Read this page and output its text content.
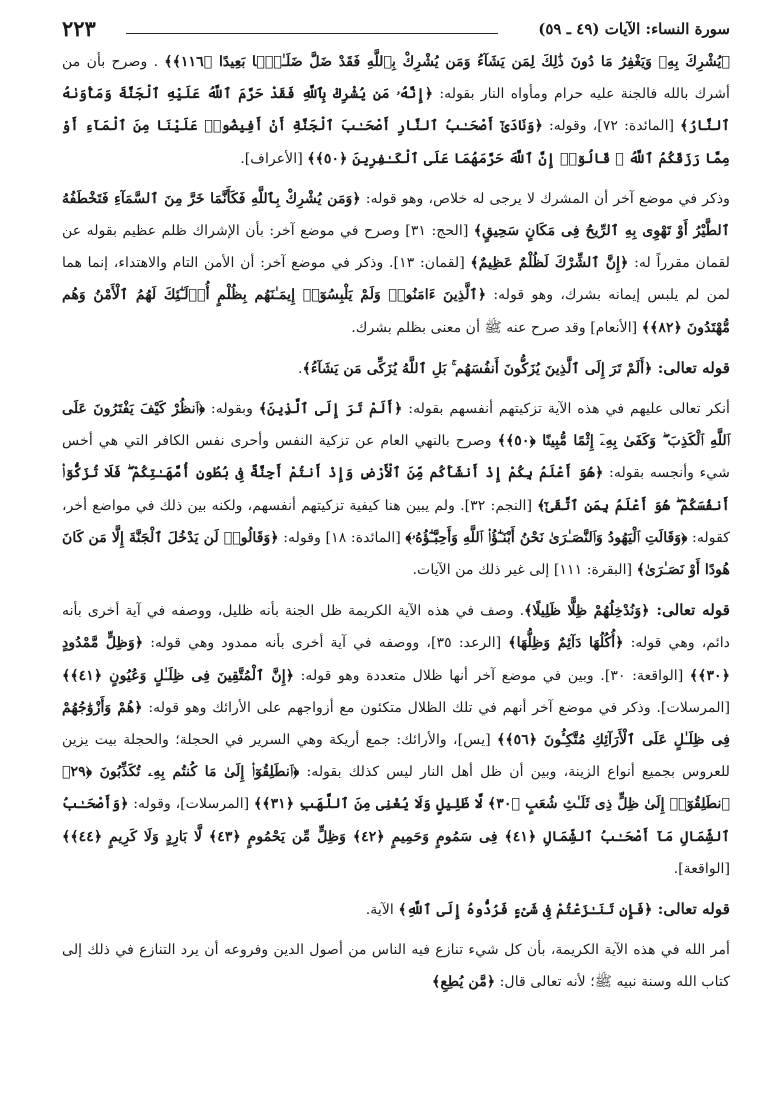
سورة النساء: الآيات (٤٩ ـ ٥٩)
٢٢٣

﴿يُشْرِكَ بِهِۦ وَيَغْفِرُ مَا دُونَ ذَٰلِكَ لِمَن يَشَآءُ وَمَن يُشْرِكْ بِٱللَّهِ فَقَدْ ضَلَّ ضَلَـٰلًۢا بَعِيدًا ﴿١١٦﴾﴾ . وصرح بأن من أشرك بالله فالجنة عليه حرام ومأواه النار بقوله: ﴿إِنَّهُۥ مَن يُشْرِكْ بِٱللَّهِ فَقَدْ حَرَّمَ ٱللَّهُ عَلَيْهِ ٱلْجَنَّةَ وَمَأْوَىٰهُ ٱلنَّارُ﴾ [المائدة: ٧٢]، وقوله: ﴿وَنَادَىٰٓ أَصْحَـٰبُ ٱلنَّارِ أَصْحَـٰبَ ٱلْجَنَّةِ أَنْ أَفِيضُوا۟ عَلَيْنَا مِنَ ٱلْمَآءِ أَوْ مِمَّا رَزَقَكُمُ ٱللَّهُ ۚ قَالُوٓا۟ إِنَّ ٱللَّهَ حَرَّمَهُمَا عَلَى ٱلْكَـٰفِرِينَ ﴿٥٠﴾﴾ [الأعراف].

وذكر في موضع آخر أن المشرك لا يرجى له خلاص، وهو قوله: ﴿وَمَن يُشْرِكْ بِٱللَّهِ فَكَأَنَّمَا خَرَّ مِنَ ٱلسَّمَآءِ فَتَخْطَفُهُ ٱلطَّيْرُ أَوْ تَهْوِى بِهِ ٱلرِّيحُ فِى مَكَانٍ سَحِيقٍ﴾ [الحج: ٣١] وصرح في موضع آخر: بأن الإشراك ظلم عظيم بقوله عن لقمان مقرراً له: ﴿إِنَّ ٱلشِّرْكَ لَظُلْمٌ عَظِيمٌ﴾ [لقمان: ١٣]. وذكر في موضع آخر: أن الأمن التام والاهتداء، إنما هما لمن لم يلبس إيمانه بشرك، وهو قوله: ﴿ٱلَّذِينَ ءَامَنُوا۟ وَلَمْ يَلْبِسُوٓا۟ إِيمَـٰنَهُم بِظُلْمٍ أُو۟لَـٰٓئِكَ لَهُمُ ٱلْأَمْنُ وَهُم مُّهْتَدُونَ ﴿٨٢﴾﴾ [الأنعام] وقد صرح عنه ﷺ أن معنى بظلم بشرك.

قوله تعالى: ﴿أَلَمْ تَرَ إِلَى ٱلَّذِينَ يُزَكُّونَ أَنفُسَهُم ۚ بَلِ ٱللَّهُ يُزَكِّى مَن يَشَآءُ﴾.

أنكر تعالى عليهم في هذه الآية تزكيتهم أنفسهم بقوله: ﴿أَلَمْ تَرَ إِلَى ٱلَّذِينَ﴾ وبقوله: ﴿ٱنظُرْ كَيْفَ يَفْتَرُونَ عَلَى ٱللَّهِ ٱلْكَذِبَ ۖ وَكَفَىٰ بِهِۦٓ إِثْمًا مُّبِينًا ﴿٥٠﴾﴾ وصرح بالنهي العام عن تزكية النفس وأحرى نفس الكافر التي هي أخس شيء وأنجسه بقوله: ﴿هُوَ أَعْلَمُ بِكُمْ إِذْ أَنشَأَكُم مِّنَ ٱلْأَرْضِ وَإِذْ أَنتُمْ أَجِنَّةٌ فِى بُطُونِ أُمَّهَـٰتِكُمْ ۖ فَلَا تُزَكُّوٓا۟ أَنفُسَكُمْ ۖ هُوَ أَعْلَمُ بِمَنِ ٱتَّقَىٰٓ﴾ [النجم: ٣٢]. ولم يبين هنا كيفية تزكيتهم أنفسهم، ولكنه بين ذلك في مواضع أخر، كقوله: ﴿وَقَالَتِ ٱلْيَهُودُ وَٱلنَّصَـٰرَىٰ نَحْنُ أَبْنَـٰٓؤُا۟ ٱللَّهِ وَأَحِبَّـٰٓؤُهُۥ﴾ [المائدة: ١٨] وقوله: ﴿وَقَالُوا۟ لَن يَدْخُلَ ٱلْجَنَّةَ إِلَّا مَن كَانَ هُودًا أَوْ نَصَـٰرَىٰ﴾ [البقرة: ١١١] إلى غير ذلك من الآيات.

قوله تعالى: ﴿وَنُدْخِلُهُمْ ظِلًّا ظَلِيلًا﴾. وصف في هذه الآية الكريمة ظل الجنة بأنه ظليل، ووصفه في آية أخرى بأنه دائم، وهي قوله: ﴿أُكُلُهَا دَآئِمٌ وَظِلُّهَا﴾ [الرعد: ٣٥]، ووصفه في آية أخرى بأنه ممدود وهي قوله: ﴿وَظِلٍّ مَّمْدُودٍ ﴿٣٠﴾﴾ [الواقعة: ٣٠]. وبين في موضع آخر أنها ظلال متعددة وهو قوله: ﴿إِنَّ ٱلْمُتَّقِينَ فِى ظِلَـٰلٍ وَعُيُونٍ ﴿٤١﴾﴾ [المرسلات]. وذكر في موضع آخر أنهم في تلك الظلال متكئون مع أزواجهم على الأرائك وهو قوله: ﴿هُمْ وَأَزْوَٰجُهُمْ فِى ظِلَـٰلٍ عَلَى ٱلْأَرَآئِكِ مُتَّكِـُٔونَ ﴿٥٦﴾﴾ [يس]، والأرائك: جمع أريكة وهي السرير في الحجلة؛ والحجلة بيت يزين للعروس بجميع أنواع الزينة، وبين أن ظل أهل النار ليس كذلك بقوله: ﴿ٱنطَلِقُوٓا۟ إِلَىٰ مَا كُنتُم بِهِۦ تُكَذِّبُونَ ﴿٢٩﴾ ٱنطَلِقُوٓا۟ إِلَىٰ ظِلٍّ ذِى ثَلَـٰثِ شُعَبٍ ﴿٣٠﴾ لَّا ظَلِيلٍ وَلَا يُغْنِى مِنَ ٱللَّهَبِ ﴿٣١﴾﴾ [المرسلات]، وقوله: ﴿وَأَصْحَـٰبُ ٱلشِّمَالِ مَآ أَصْحَـٰبُ ٱلشِّمَالِ ﴿٤١﴾ فِى سَمُومٍ وَحَمِيمٍ ﴿٤٢﴾ وَظِلٍّ مِّن يَحْمُومٍ ﴿٤٣﴾ لَّا بَارِدٍ وَلَا كَرِيمٍ ﴿٤٤﴾﴾ [الواقعة].

قوله تعالى: ﴿فَإِن تَنَـٰزَعْتُمْ فِى شَىْءٍ فَرُدُّوهُ إِلَى ٱللَّهِ﴾ الآية.

أمر الله في هذه الآية الكريمة، بأن كل شيء تنازع فيه الناس من أصول الدين وفروعه أن يرد التنازع في ذلك إلى كتاب الله وسنة نبيه ﷺ؛ لأنه تعالى قال: ﴿مَّن يُطِعِ﴾
